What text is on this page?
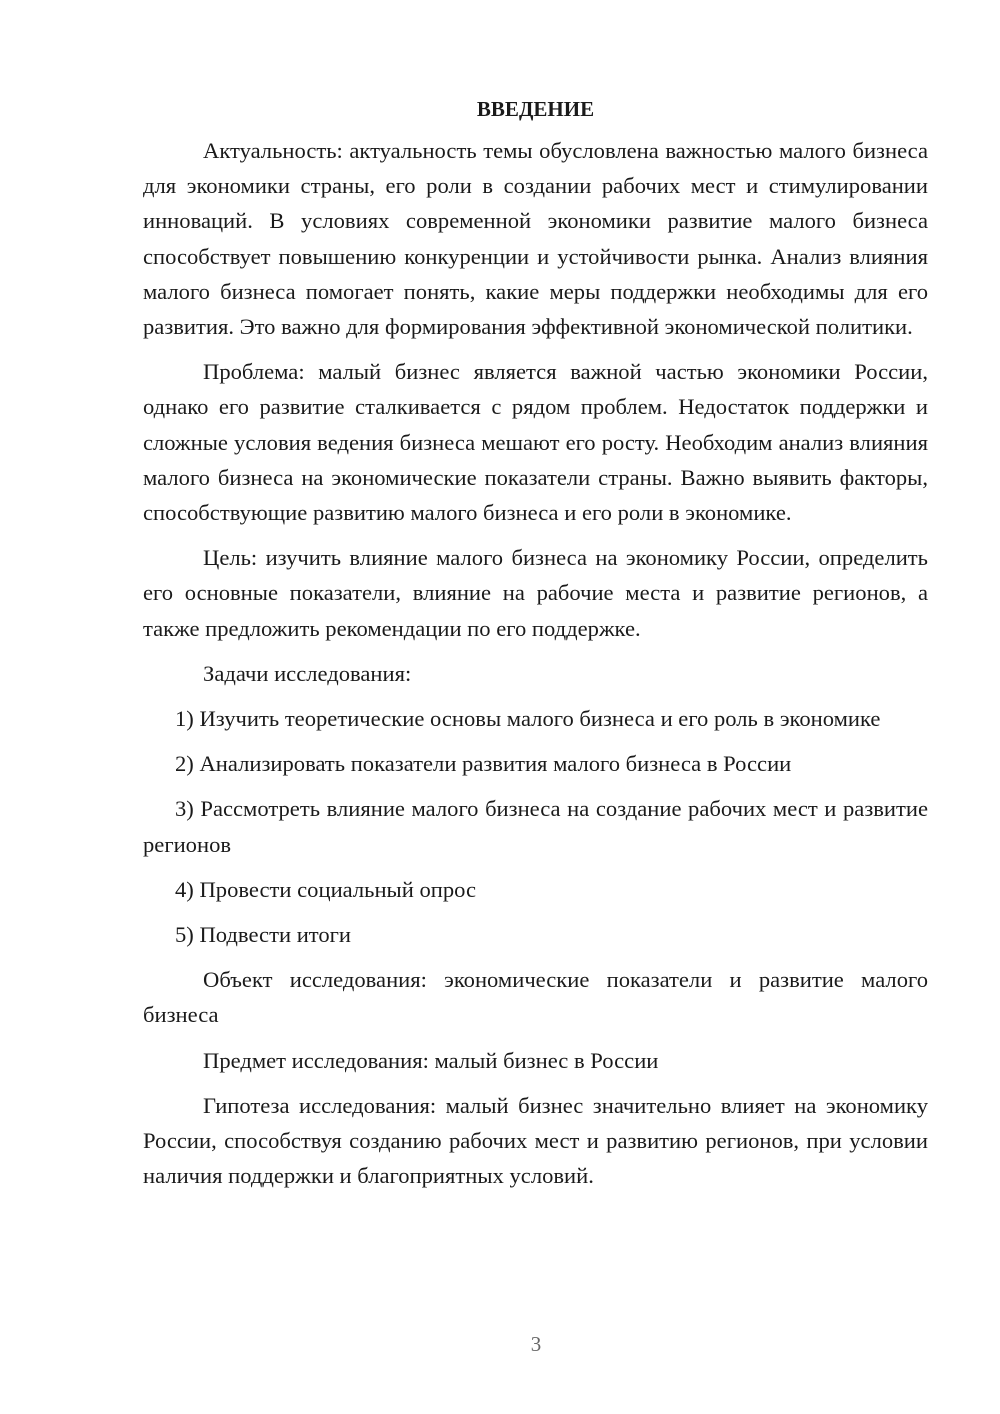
ВВЕДЕНИЕ

Актуальность: актуальность темы обусловлена важностью малого бизнеса для экономики страны, его роли в создании рабочих мест и стимулировании инноваций. В условиях современной экономики развитие малого бизнеса способствует повышению конкуренции и устойчивости рынка. Анализ влияния малого бизнеса помогает понять, какие меры поддержки необходимы для его развития. Это важно для формирования эффективной экономической политики.

Проблема: малый бизнес является важной частью экономики России, однако его развитие сталкивается с рядом проблем. Недостаток поддержки и сложные условия ведения бизнеса мешают его росту. Необходим анализ влияния малого бизнеса на экономические показатели страны. Важно выявить факторы, способствующие развитию малого бизнеса и его роли в экономике.

Цель: изучить влияние малого бизнеса на экономику России, определить его основные показатели, влияние на рабочие места и развитие регионов, а также предложить рекомендации по его поддержке.

Задачи исследования:

1) Изучить теоретические основы малого бизнеса и его роль в экономике

2) Анализировать показатели развития малого бизнеса в России

3) Рассмотреть влияние малого бизнеса на создание рабочих мест и развитие регионов

4) Провести социальный опрос

5) Подвести итоги

Объект исследования: экономические показатели и развитие малого бизнеса

Предмет исследования: малый бизнес в России

Гипотеза исследования: малый бизнес значительно влияет на экономику России, способствуя созданию рабочих мест и развитию регионов, при условии наличия поддержки и благоприятных условий.

3
